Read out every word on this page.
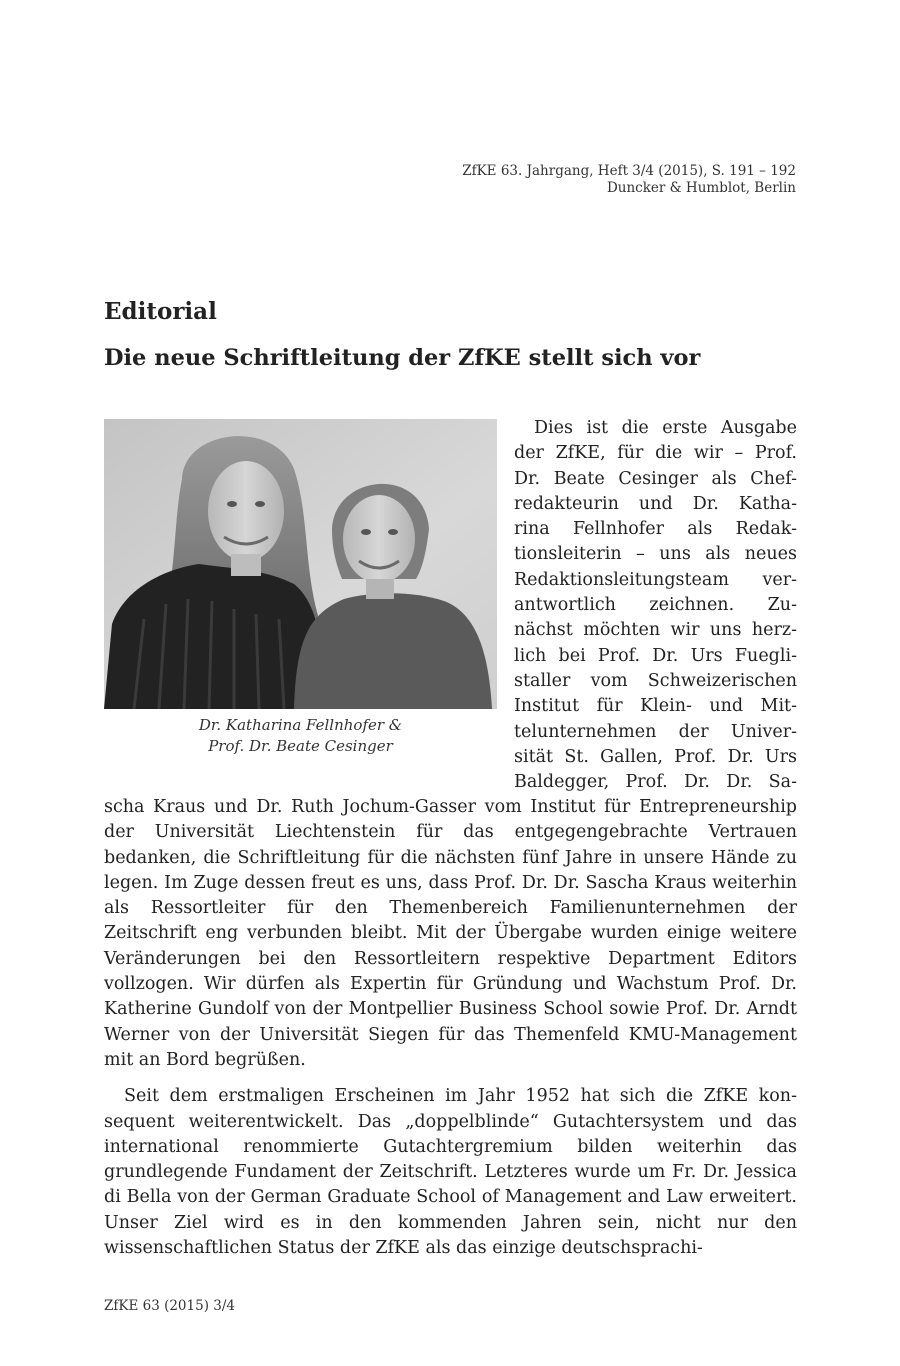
ZfKE 63. Jahrgang, Heft 3/4 (2015), S. 191 – 192
Duncker & Humblot, Berlin
Editorial
Die neue Schriftleitung der ZfKE stellt sich vor
Dr. Katharina Fellnhofer &
Prof. Dr. Beate Cesinger
Dies ist die erste Ausgabe
der ZfKE, für die wir – Prof.
Dr. Beate Cesinger als Chef-
redakteurin und Dr. Katha-
rina Fellnhofer als Redak-
tionsleiterin – uns als neues
Redaktionsleitungsteam ver-
antwortlich zeichnen. Zu-
nächst möchten wir uns herz-
lich bei Prof. Dr. Urs Fuegli-
staller vom Schweizerischen
Institut für Klein- und Mit-
telunternehmen der Univer-
sität St. Gallen, Prof. Dr. Urs
Baldegger, Prof. Dr. Dr. Sa-

scha Kraus und Dr. Ruth Jochum-Gasser vom Institut für Entrepreneurship der Universität Liechtenstein für das entgegengebrachte Vertrauen bedanken, die Schriftleitung für die nächsten fünf Jahre in unsere Hände zu legen. Im Zuge dessen freut es uns, dass Prof. Dr. Dr. Sascha Kraus weiterhin als Ressortleiter für den Themenbereich Familienunternehmen der Zeitschrift eng verbunden bleibt. Mit der Übergabe wurden einige weitere Veränderungen bei den Ressortleitern respektive Department Editors vollzogen. Wir dürfen als Expertin für Gründung und Wachstum Prof. Dr. Katherine Gundolf von der Montpellier Business School sowie Prof. Dr. Arndt Werner von der Universität Siegen für das Themenfeld KMU-Management mit an Bord begrüßen.

Seit dem erstmaligen Erscheinen im Jahr 1952 hat sich die ZfKE konsequent weiterentwickelt. Das „doppelblinde“ Gutachtersystem und das international renommierte Gutachtergremium bilden weiterhin das grundlegende Fundament der Zeitschrift. Letzteres wurde um Fr. Dr. Jessica di Bella von der German Graduate School of Management and Law erweitert. Unser Ziel wird es in den kommenden Jahren sein, nicht nur den wissenschaftlichen Status der ZfKE als das einzige deutschsprachi-

ZfKE 63 (2015) 3/4
